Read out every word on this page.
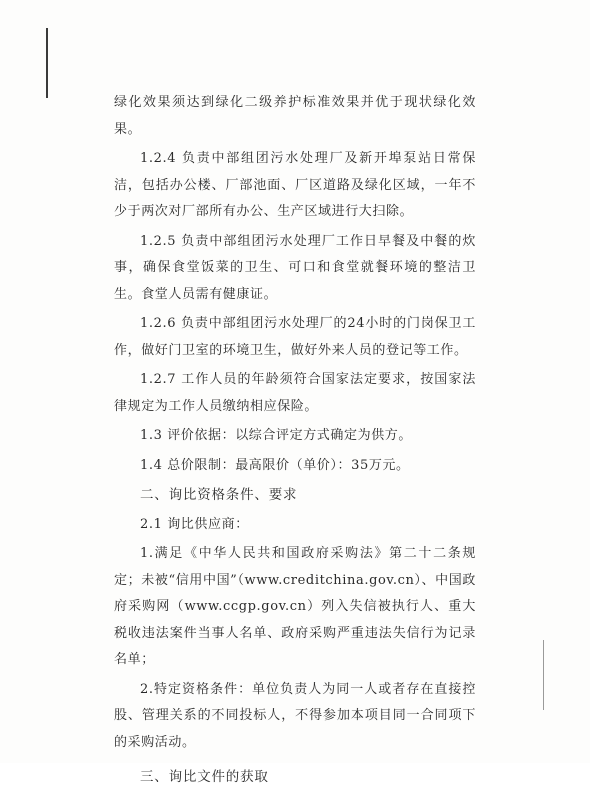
绿化效果须达到绿化二级养护标准效果并优于现状绿化效果。

1.2.4 负责中部组团污水处理厂及新开埠泵站日常保洁，包括办公楼、厂部池面、厂区道路及绿化区域，一年不少于两次对厂部所有办公、生产区域进行大扫除。

1.2.5 负责中部组团污水处理厂工作日早餐及中餐的炊事，确保食堂饭菜的卫生、可口和食堂就餐环境的整洁卫生。食堂人员需有健康证。

1.2.6 负责中部组团污水处理厂的24小时的门岗保卫工作，做好门卫室的环境卫生，做好外来人员的登记等工作。

1.2.7 工作人员的年龄须符合国家法定要求，按国家法律规定为工作人员缴纳相应保险。

1.3 评价依据：以综合评定方式确定为供方。

1.4 总价限制：最高限价（单价）：35万元。

二、询比资格条件、要求

2.1 询比供应商：

1.满足《中华人民共和国政府采购法》第二十二条规定；未被“信用中国”（www.creditchina.gov.cn）、中国政府采购网（www.ccgp.gov.cn）列入失信被执行人、重大税收违法案件当事人名单、政府采购严重违法失信行为记录名单；

2.特定资格条件：单位负责人为同一人或者存在直接控股、管理关系的不同投标人，不得参加本项目同一合同项下的采购活动。

三、询比文件的获取
